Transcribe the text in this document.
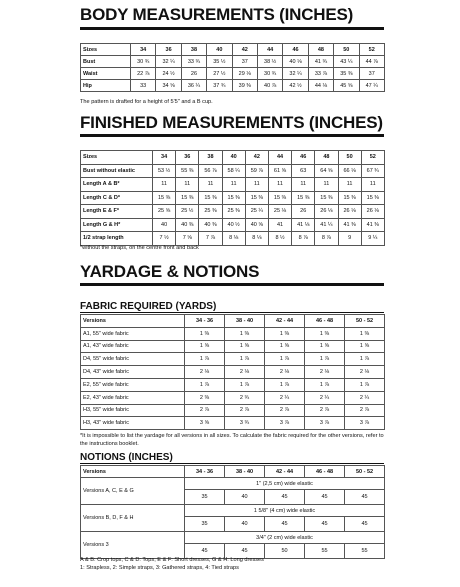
BODY MEASUREMENTS (INCHES)
Sizes	34	36	38	40	42	44	46	48	50	52
Bust	30 ¾	32 ¼	33 ¾	35 ½	37	38 ½	40 ⅛	41 ¾	43 ¼	44 ⅞
Waist	22 ⅞	24 ½	26	27 ½	29 ⅛	30 ¾	32 ¼	33 ⅞	35 ⅜	37
Hip	33	34 ⅝	36 ¼	37 ¾	39 ⅜	40 ⅞	42 ½	44 ⅛	45 ⅝	47 ¼

The pattern is drafted for a height of 5'5" and a B cup.

FINISHED MEASUREMENTS (INCHES)
Sizes	34	36	38	40	42	44	46	48	50	52
Bust without elastic	53 ½	55 ⅜	56 ⅞	58 ¼	59 ⅞	61 ⅝	63	64 ⅝	66 ⅛	67 ¾
Length A & B*	11	11	11	11	11	11	11	11	11	11
Length C & D*	15 ⅜	15 ⅜	15 ⅜	15 ⅜	15 ⅜	15 ⅜	15 ⅜	15 ⅜	15 ⅜	15 ⅜
Length E & F*	25 ⅝	25 ½	25 ⅜	25 ⅜	25 ¼	25 ⅛	26	26 ⅛	26 ⅛	26 ⅛
Length G & H*	40	40 ⅜	40 ⅜	40 ½	40 ⅝	41	41 ⅛	41 ¼	41 ⅜	41 ⅜
1/2 strap length	7 ½	7 ⅝	7 ⅞	8 ⅛	8 ⅛	8 ½	8 ⅞	8 ⅞	9	9 ¼

*without the straps, on the centre front and back

YARDAGE & NOTIONS
FABRIC REQUIRED (YARDS)
Versions	34 - 36	38 - 40	42 - 44	46 - 48	50 - 52
A1, 55" wide fabric	1 ⅜	1 ⅜	1 ⅜	1 ⅜	1 ⅜
A1, 43" wide fabric	1 ⅝	1 ⅝	1 ⅝	1 ⅝	1 ⅝
D4, 55" wide fabric	1 ⅞	1 ⅞	1 ⅞	1 ⅞	1 ⅞
D4, 43" wide fabric	2 ⅛	2 ⅛	2 ⅛	2 ⅛	2 ⅛
E2, 55" wide fabric	1 ⅞	1 ⅞	1 ⅞	1 ⅞	1 ⅞
E2, 43" wide fabric	2 ⅜	2 ¾	2 ¼	2 ¼	2 ¼
H3, 55" wide fabric	2 ⅞	2 ⅞	2 ⅞	2 ⅞	2 ⅞
H3, 43" wide fabric	3 ⅝	3 ¾	3 ⅞	3 ⅞	3 ⅞

*It is impossible to list the yardage for all versions in all sizes. To calculate the fabric required for the other versions, refer to the instructions booklet.

NOTIONS (INCHES)
Versions	34 - 36	38 - 40	42 - 44	46 - 48	50 - 52
Versions A, C, E & G	1" (2,5 cm) wide elastic				
	35	40	45	45	45
Versions B, D, F & H	1 5/8" (4 cm) wide elastic				
	35	40	45	45	45
Versions 3	3/4" (2 cm) wide elastic				
	45	45	50	55	55

A & B: Crop tops, C & D: Tops, E & F: Short dresses, G & H: Long dresses
1: Strapless, 2: Simple straps, 3: Gathered straps, 4: Tied straps
